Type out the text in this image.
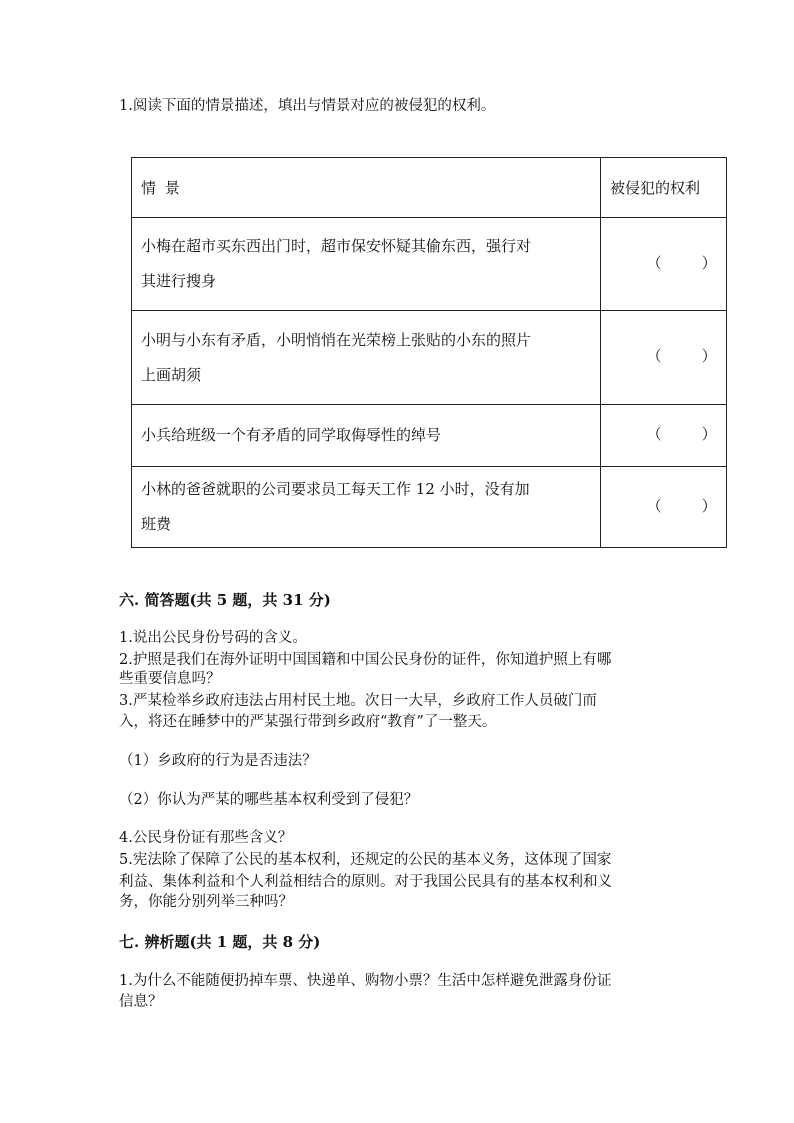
1.阅读下面的情景描述，填出与情景对应的被侵犯的权利。
情 景	被侵犯的权利
小梅在超市买东西出门时，超市保安怀疑其偷东西，强行对
其进行搜身	（ ）

小明与小东有矛盾，小明悄悄在光荣榜上张贴的小东的照片
上画胡须	（ ）

小兵给班级一个有矛盾的同学取侮辱性的绰号	（ ）

小林的爸爸就职的公司要求员工每天工作 12 小时，没有加
班费	（ ）

六. 简答题(共 5 题，共 31 分)
1.说出公民身份号码的含义。
2.护照是我们在海外证明中国国籍和中国公民身份的证件，你知道护照上有哪
些重要信息吗？
3.严某检举乡政府违法占用村民土地。次日一大早，乡政府工作人员破门而
入，将还在睡梦中的严某强行带到乡政府“教育”了一整天。
（1）乡政府的行为是否违法？
（2）你认为严某的哪些基本权利受到了侵犯？
4.公民身份证有那些含义？
5.宪法除了保障了公民的基本权利，还规定的公民的基本义务，这体现了国家
利益、集体利益和个人利益相结合的原则。对于我国公民具有的基本权利和义
务，你能分别列举三种吗？
七. 辨析题(共 1 题，共 8 分)
1.为什么不能随便扔掉车票、快递单、购物小票？生活中怎样避免泄露身份证
信息？
